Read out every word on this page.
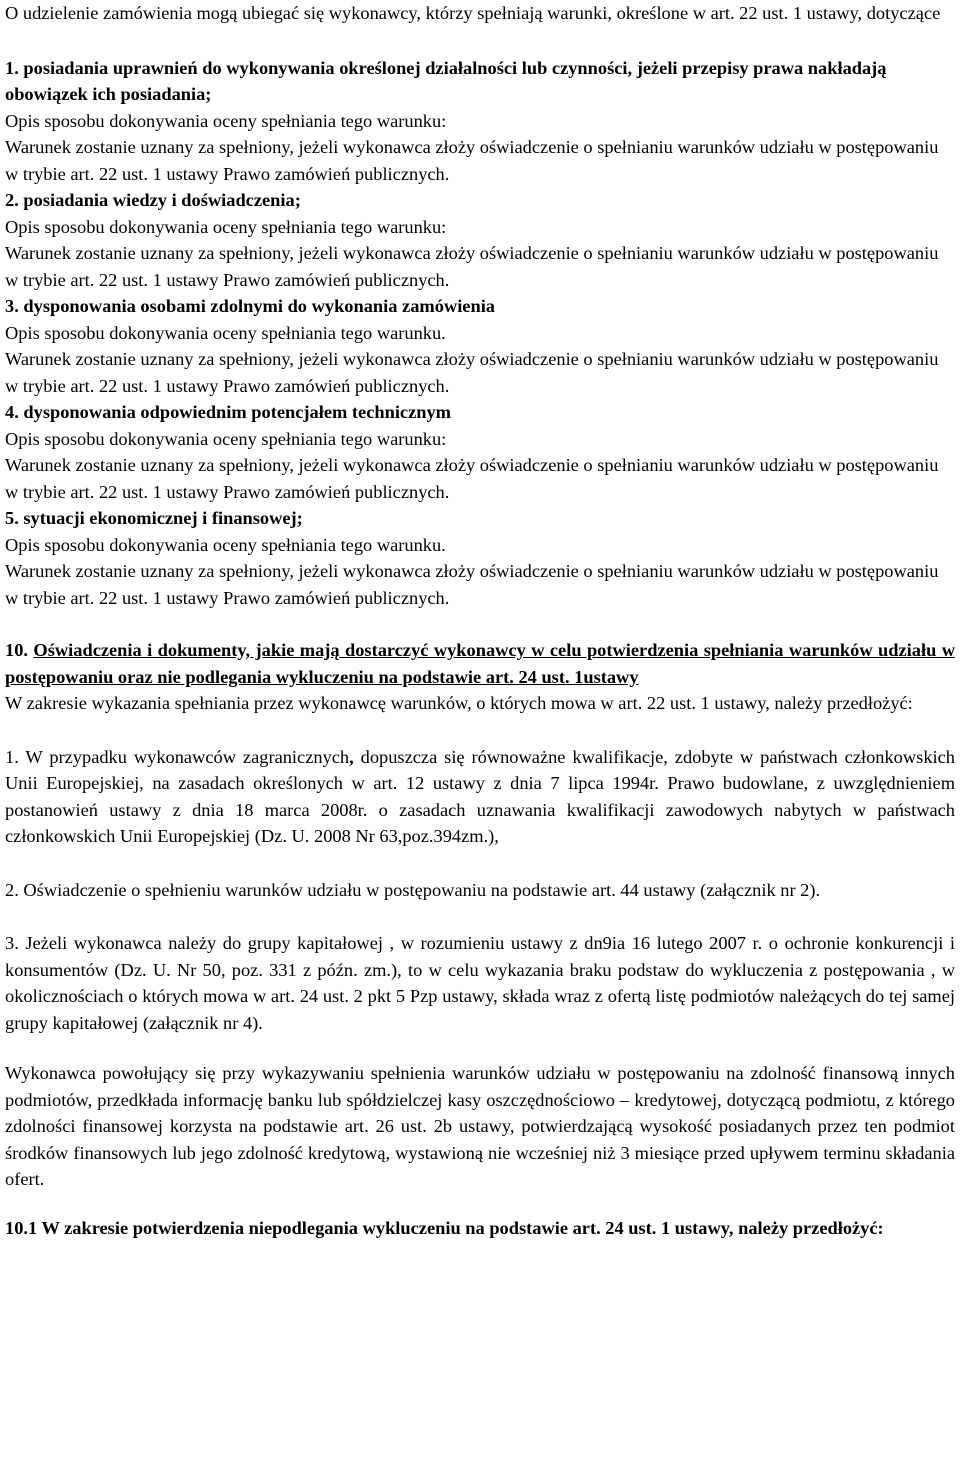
O udzielenie zamówienia mogą ubiegać się wykonawcy, którzy spełniają warunki, określone w art. 22 ust. 1 ustawy, dotyczące

1. posiadania uprawnień do wykonywania określonej działalności lub czynności, jeżeli przepisy prawa nakładają obowiązek ich posiadania;

Opis sposobu dokonywania oceny spełniania tego warunku:

Warunek zostanie uznany za spełniony, jeżeli wykonawca złoży oświadczenie o spełnianiu warunków udziału w postępowaniu w trybie art. 22 ust. 1 ustawy Prawo zamówień publicznych.

2. posiadania wiedzy i doświadczenia;

Opis sposobu dokonywania oceny spełniania tego warunku:

Warunek zostanie uznany za spełniony, jeżeli wykonawca złoży oświadczenie o spełnianiu warunków udziału w postępowaniu w trybie art. 22 ust. 1 ustawy Prawo zamówień publicznych.

3. dysponowania osobami zdolnymi do wykonania zamówienia

Opis sposobu dokonywania oceny spełniania tego warunku.

Warunek zostanie uznany za spełniony, jeżeli wykonawca złoży oświadczenie o spełnianiu warunków udziału w postępowaniu w trybie art. 22 ust. 1 ustawy Prawo zamówień publicznych.

4. dysponowania odpowiednim potencjałem technicznym

Opis sposobu dokonywania oceny spełniania tego warunku:

Warunek zostanie uznany za spełniony, jeżeli wykonawca złoży oświadczenie o spełnianiu warunków udziału w postępowaniu w trybie art. 22 ust. 1 ustawy Prawo zamówień publicznych.

5. sytuacji ekonomicznej i finansowej;

Opis sposobu dokonywania oceny spełniania tego warunku.

Warunek zostanie uznany za spełniony, jeżeli wykonawca złoży oświadczenie o spełnianiu warunków udziału w postępowaniu w trybie art. 22 ust. 1 ustawy Prawo zamówień publicznych.

10. Oświadczenia i dokumenty, jakie mają dostarczyć wykonawcy w celu potwierdzenia spełniania warunków udziału w postępowaniu oraz nie podlegania wykluczeniu na podstawie art. 24 ust. 1ustawy

W zakresie wykazania spełniania przez wykonawcę warunków, o których mowa w art. 22 ust. 1 ustawy, należy przedłożyć:

1. W przypadku wykonawców zagranicznych, dopuszcza się równoważne kwalifikacje, zdobyte w państwach członkowskich Unii Europejskiej, na zasadach określonych w art. 12 ustawy z dnia 7 lipca 1994r. Prawo budowlane, z uwzględnieniem postanowień ustawy z dnia 18 marca 2008r. o zasadach uznawania kwalifikacji zawodowych nabytych w państwach członkowskich Unii Europejskiej (Dz. U. 2008 Nr 63,poz.394zm.),

2. Oświadczenie o spełnieniu warunków udziału w postępowaniu na podstawie art. 44 ustawy (załącznik nr 2).

3. Jeżeli wykonawca należy do grupy kapitałowej , w rozumieniu ustawy z dn9ia 16 lutego 2007 r. o ochronie konkurencji i konsumentów (Dz. U. Nr 50, poz. 331 z późn. zm.), to w celu wykazania braku podstaw do wykluczenia z postępowania , w okolicznościach o których mowa w art. 24 ust. 2 pkt 5 Pzp ustawy, składa wraz z ofertą listę podmiotów należących do tej samej grupy kapitałowej (załącznik nr 4).

Wykonawca powołujący się przy wykazywaniu spełnienia warunków udziału w postępowaniu na zdolność finansową innych podmiotów, przedkłada informację banku lub spółdzielczej kasy oszczędnościowo – kredytowej, dotyczącą podmiotu, z którego zdolności finansowej korzysta na podstawie art. 26 ust. 2b ustawy, potwierdzającą wysokość posiadanych przez ten podmiot środków finansowych lub jego zdolność kredytową, wystawioną nie wcześniej niż 3 miesiące przed upływem terminu składania ofert.

10.1 W zakresie potwierdzenia niepodlegania wykluczeniu na podstawie art. 24 ust. 1 ustawy, należy przedłożyć:
